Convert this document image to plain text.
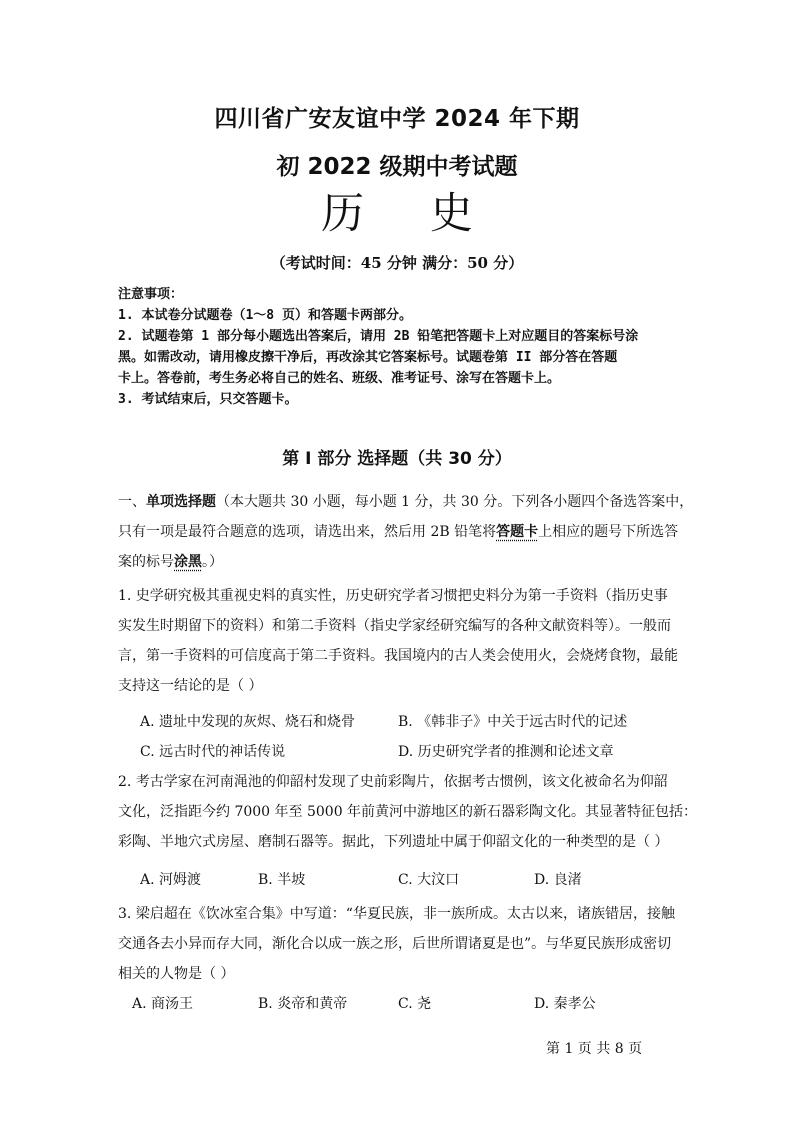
四川省广安友谊中学 2024 年下期
初 2022 级期中考试题
历 史
（考试时间：45 分钟 满分：50 分）
注意事项：
1. 本试卷分试题卷（1～8 页）和答题卡两部分。
2. 试题卷第 1 部分每小题选出答案后，请用 2B 铅笔把答题卡上对应题目的答案标号涂
黑。如需改动，请用橡皮擦干净后，再改涂其它答案标号。试题卷第 II 部分答在答题
卡上。答卷前，考生务必将自己的姓名、班级、准考证号、涂写在答题卡上。
3. 考试结束后，只交答题卡。
第 I 部分 选择题（共 30 分）
一、单项选择题（本大题共 30 小题，每小题 1 分，共 30 分。下列各小题四个备选答案中，
只有一项是最符合题意的选项，请选出来，然后用 2B 铅笔将答题卡上相应的题号下所选答
案的标号涂黑。）
1. 史学研究极其重视史料的真实性，历史研究学者习惯把史料分为第一手资料（指历史事
实发生时期留下的资料）和第二手资料（指史学家经研究编写的各种文献资料等）。一般而
言，第一手资料的可信度高于第二手资料。我国境内的古人类会使用火，会烧烤食物，最能
支持这一结论的是（ ）
A. 遗址中发现的灰烬、烧石和烧骨	B. 《韩非子》中关于远古时代的记述
C. 远古时代的神话传说	D. 历史研究学者的推测和论述文章
2. 考古学家在河南渑池的仰韶村发现了史前彩陶片，依据考古惯例，该文化被命名为仰韶
文化，泛指距今约 7000 年至 5000 年前黄河中游地区的新石器彩陶文化。其显著特征包括：
彩陶、半地穴式房屋、磨制石器等。据此，下列遗址中属于仰韶文化的一种类型的是（ ）
A. 河姆渡	B. 半坡	C. 大汶口	D. 良渚
3. 梁启超在《饮冰室合集》中写道：“华夏民族，非一族所成。太古以来，诸族错居，接触
交通各去小异而存大同，渐化合以成一族之形，后世所谓诸夏是也”。与华夏民族形成密切
相关的人物是（ ）
A. 商汤王	B. 炎帝和黄帝	C. 尧	D. 秦孝公
第 1 页 共 8 页
